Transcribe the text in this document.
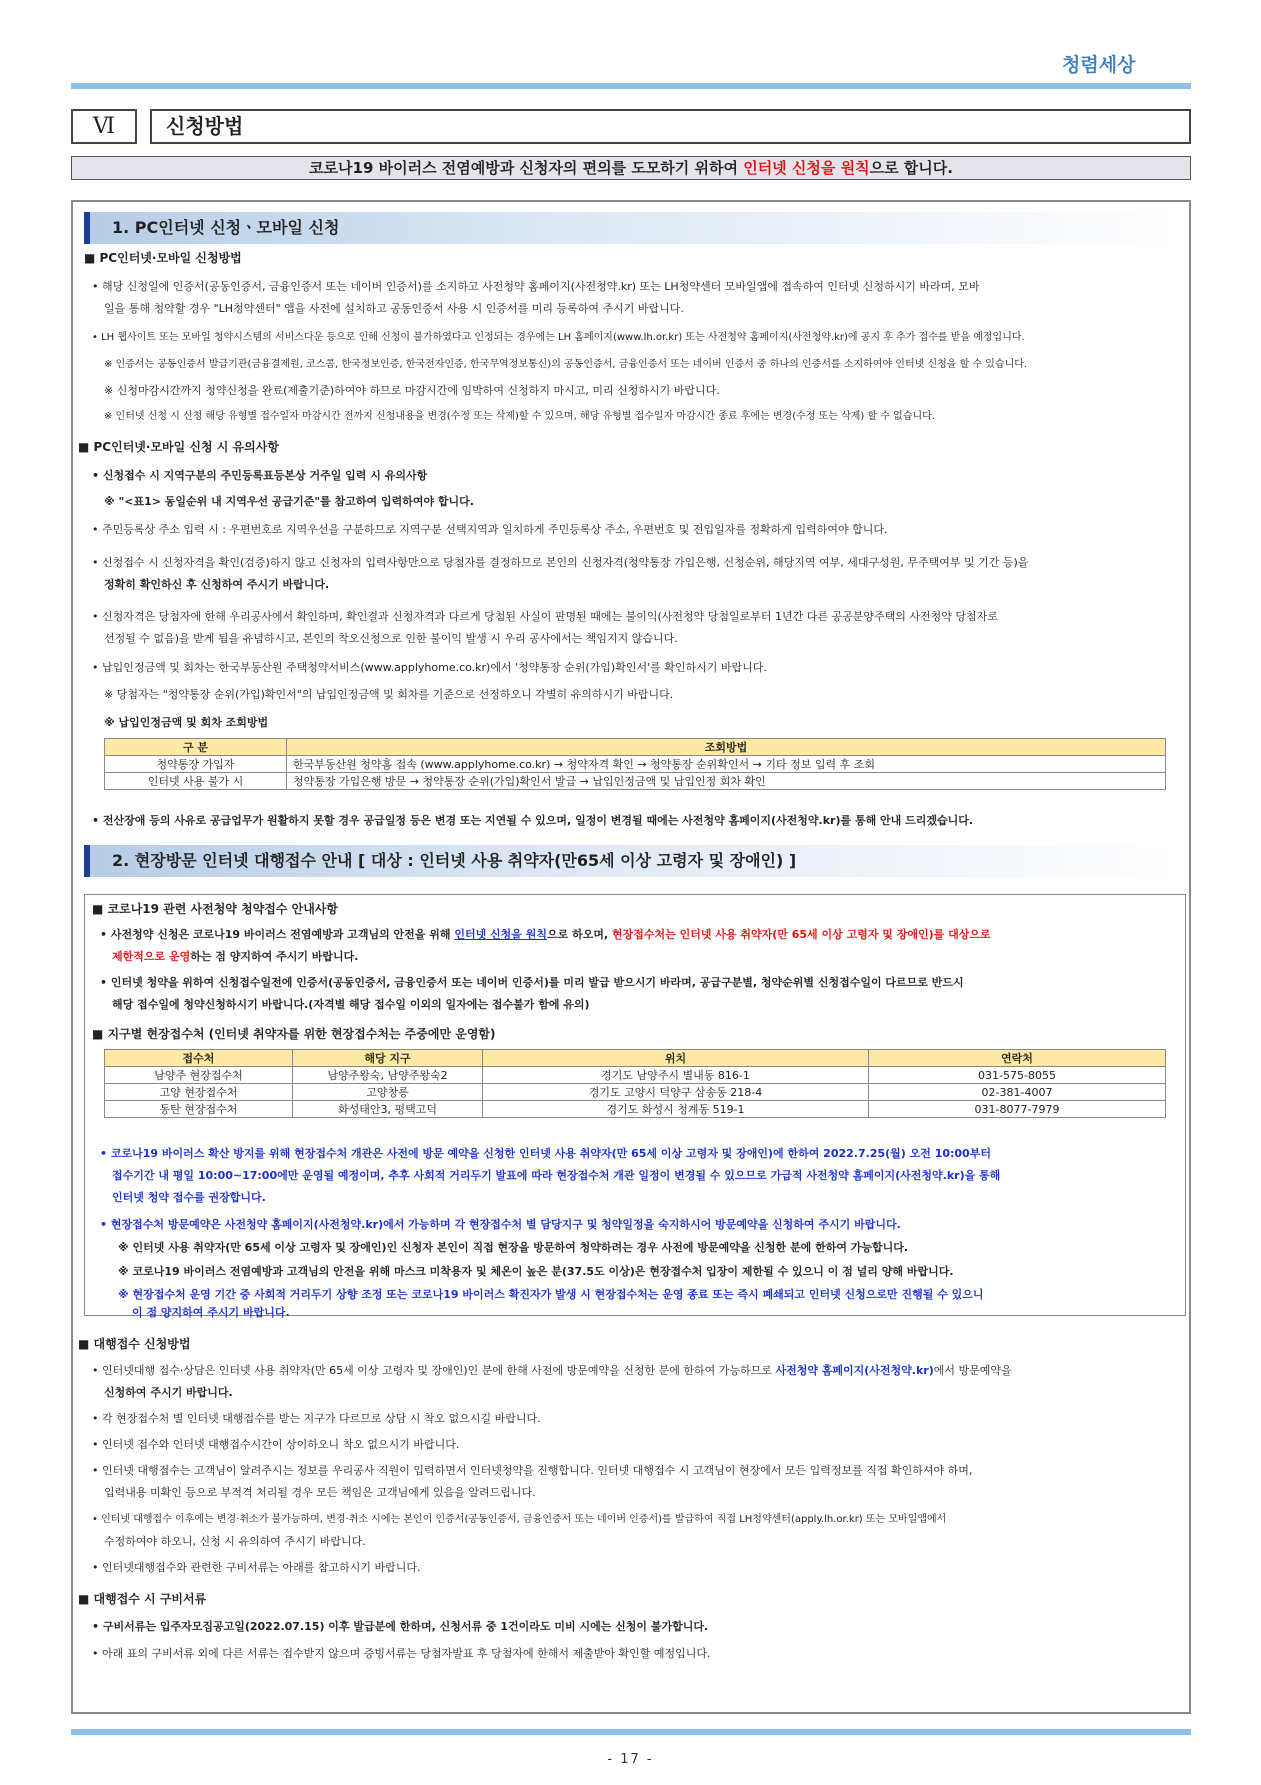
청렴세상
Ⅵ	신청방법
코로나19 바이러스 전염예방과 신청자의 편의를 도모하기 위하여 인터넷 신청을 원칙으로 합니다.
1. PC인터넷 신청ㆍ모바일 신청
■ PC인터넷·모바일 신청방법
• 해당 신청일에 인증서(공동인증서, 금융인증서 또는 네이버 인증서)를 소지하고 사전청약 홈페이지(사전청약.kr) 또는 LH청약센터 모바일앱에 접속하여 인터넷 신청하시기 바라며, 모바
일을 통해 청약할 경우 "LH청약센터" 앱을 사전에 설치하고 공동인증서 사용 시 인증서를 미리 등록하여 주시기 바랍니다.
• LH 웹사이트 또는 모바일 청약시스템의 서비스다운 등으로 인해 신청이 불가하였다고 인정되는 경우에는 LH 홈페이지(www.lh.or.kr) 또는 사전청약 홈페이지(사전청약.kr)에 공지 후 추가 접수를 받을 예정입니다.
※ 인증서는 공동인증서 발급기관(금융결제원, 코스콤, 한국정보인증, 한국전자인증, 한국무역정보통신)의 공동인증서, 금융인증서 또는 네이버 인증서 중 하나의 인증서를 소지하여야 인터넷 신청을 할 수 있습니다.
※ 신청마감시간까지 청약신청을 완료(제출기준)하여야 하므로 마감시간에 임박하여 신청하지 마시고, 미리 신청하시기 바랍니다.
※ 인터넷 신청 시 신청 해당 유형별 접수일자 마감시간 전까지 신청내용을 변경(수정 또는 삭제)할 수 있으며, 해당 유형별 접수일자 마감시간 종료 후에는 변경(수정 또는 삭제) 할 수 없습니다.
■ PC인터넷·모바일 신청 시 유의사항
• 신청접수 시 지역구분의 주민등록표등본상 거주일 입력 시 유의사항
※ "<표1> 동일순위 내 지역우선 공급기준"를 참고하여 입력하여야 합니다.
• 주민등록상 주소 입력 시 : 우편번호로 지역우선을 구분하므로 지역구분 선택지역과 일치하게 주민등록상 주소, 우편번호 및 전입일자를 정확하게 입력하여야 합니다.
• 신청접수 시 신청자격을 확인(검증)하지 않고 신청자의 입력사항만으로 당첨자를 결정하므로 본인의 신청자격(청약통장 가입은행, 신청순위, 해당지역 여부, 세대구성원, 무주택여부 및 기간 등)을
정확히 확인하신 후 신청하여 주시기 바랍니다.
• 신청자격은 당첨자에 한해 우리공사에서 확인하며, 확인결과 신청자격과 다르게 당첨된 사실이 판명된 때에는 불이익(사전청약 당첨일로부터 1년간 다른 공공분양주택의 사전청약 당첨자로
선정될 수 없음)을 받게 됨을 유념하시고, 본인의 착오신청으로 인한 불이익 발생 시 우리 공사에서는 책임지지 않습니다.
• 납입인정금액 및 회차는 한국부동산원 주택청약서비스(www.applyhome.co.kr)에서 '청약통장 순위(가입)확인서'를 확인하시기 바랍니다.
※ 당첨자는 "청약통장 순위(가입)확인서"의 납입인정금액 및 회차를 기준으로 선정하오니 각별히 유의하시기 바랍니다.
※ 납입인정금액 및 회차 조회방법
구 분	조회방법
청약통장 가입자	한국부동산원 청약홈 접속 (www.applyhome.co.kr) → 청약자격 확인 → 청약통장 순위확인서 → 기타 정보 입력 후 조회
인터넷 사용 불가 시	청약통장 가입은행 방문 → 청약통장 순위(가입)확인서 발급 → 납입인정금액 및 납입인정 회차 확인
• 전산장애 등의 사유로 공급업무가 원활하지 못할 경우 공급일정 등은 변경 또는 지연될 수 있으며, 일정이 변경될 때에는 사전청약 홈페이지(사전청약.kr)를 통해 안내 드리겠습니다.
2. 현장방문 인터넷 대행접수 안내 [ 대상 : 인터넷 사용 취약자(만65세 이상 고령자 및 장애인) ]
■ 코로나19 관련 사전청약 청약접수 안내사항
• 사전청약 신청은 코로나19 바이러스 전염예방과 고객님의 안전을 위해 인터넷 신청을 원칙으로 하오며, 현장접수처는 인터넷 사용 취약자(만 65세 이상 고령자 및 장애인)를 대상으로
제한적으로 운영하는 점 양지하여 주시기 바랍니다.
• 인터넷 청약을 위하여 신청접수일전에 인증서(공동인증서, 금융인증서 또는 네이버 인증서)를 미리 발급 받으시기 바라며, 공급구분별, 청약순위별 신청접수일이 다르므로 반드시
해당 접수일에 청약신청하시기 바랍니다.(자격별 해당 접수일 이외의 일자에는 접수불가 함에 유의)
■ 지구별 현장접수처 (인터넷 취약자를 위한 현장접수처는 주중에만 운영함)
접수처	해당 지구	위치	연락처
남양주 현장접수처	남양주왕숙, 남양주왕숙2	경기도 남양주시 별내동 816-1	031-575-8055
고양 현장접수처	고양창릉	경기도 고양시 덕양구 삼송동 218-4	02-381-4007
동탄 현장접수처	화성태안3, 평택고덕	경기도 화성시 청계동 519-1	031-8077-7979
• 코로나19 바이러스 확산 방지를 위해 현장접수처 개관은 사전에 방문 예약을 신청한 인터넷 사용 취약자(만 65세 이상 고령자 및 장애인)에 한하여 2022.7.25(월) 오전 10:00부터
접수기간 내 평일 10:00~17:00에만 운영될 예정이며, 추후 사회적 거리두기 발표에 따라 현장접수처 개관 일정이 변경될 수 있으므로 가급적 사전청약 홈페이지(사전청약.kr)을 통해
인터넷 청약 접수를 권장합니다.
• 현장접수처 방문예약은 사전청약 홈페이지(사전청약.kr)에서 가능하며 각 현장접수처 별 담당지구 및 청약일정을 숙지하시어 방문예약을 신청하여 주시기 바랍니다.
※ 인터넷 사용 취약자(만 65세 이상 고령자 및 장애인)인 신청자 본인이 직접 현장을 방문하여 청약하려는 경우 사전에 방문예약을 신청한 분에 한하여 가능합니다.
※ 코로나19 바이러스 전염예방과 고객님의 안전을 위해 마스크 미착용자 및 체온이 높은 분(37.5도 이상)은 현장접수처 입장이 제한될 수 있으니 이 점 널리 양해 바랍니다.
※ 현장접수처 운영 기간 중 사회적 거리두기 상향 조정 또는 코로나19 바이러스 확진자가 발생 시 현장접수처는 운영 종료 또는 즉시 폐쇄되고 인터넷 신청으로만 진행될 수 있으니
이 점 양지하여 주시기 바랍니다.
■ 대행접수 신청방법
• 인터넷대행 접수·상담은 인터넷 사용 취약자(만 65세 이상 고령자 및 장애인)인 분에 한해 사전에 방문예약을 신청한 분에 한하여 가능하므로 사전청약 홈페이지(사전청약.kr)에서 방문예약을
신청하여 주시기 바랍니다.
• 각 현장접수처 별 인터넷 대행접수를 받는 지구가 다르므로 상담 시 착오 없으시길 바랍니다.
• 인터넷 접수와 인터넷 대행접수시간이 상이하오니 착오 없으시기 바랍니다.
• 인터넷 대행접수는 고객님이 알려주시는 정보를 우리공사 직원이 입력하면서 인터넷청약을 진행합니다. 인터넷 대행접수 시 고객님이 현장에서 모든 입력정보를 직접 확인하셔야 하며,
입력내용 미확인 등으로 부적격 처리될 경우 모든 책임은 고객님에게 있음을 알려드립니다.
• 인터넷 대행접수 이후에는 변경·취소가 불가능하며, 변경·취소 시에는 본인이 인증서(공동인증서, 금융인증서 또는 네이버 인증서)를 발급하여 직접 LH청약센터(apply.lh.or.kr) 또는 모바일앱에서
수정하여야 하오니, 신청 시 유의하여 주시기 바랍니다.
• 인터넷대행접수와 관련한 구비서류는 아래를 참고하시기 바랍니다.
■ 대행접수 시 구비서류
• 구비서류는 입주자모집공고일(2022.07.15) 이후 발급분에 한하며, 신청서류 중 1건이라도 미비 시에는 신청이 불가합니다.
• 아래 표의 구비서류 외에 다른 서류는 접수받지 않으며 증빙서류는 당첨자발표 후 당첨자에 한해서 제출받아 확인할 예정입니다.
- 17 -
